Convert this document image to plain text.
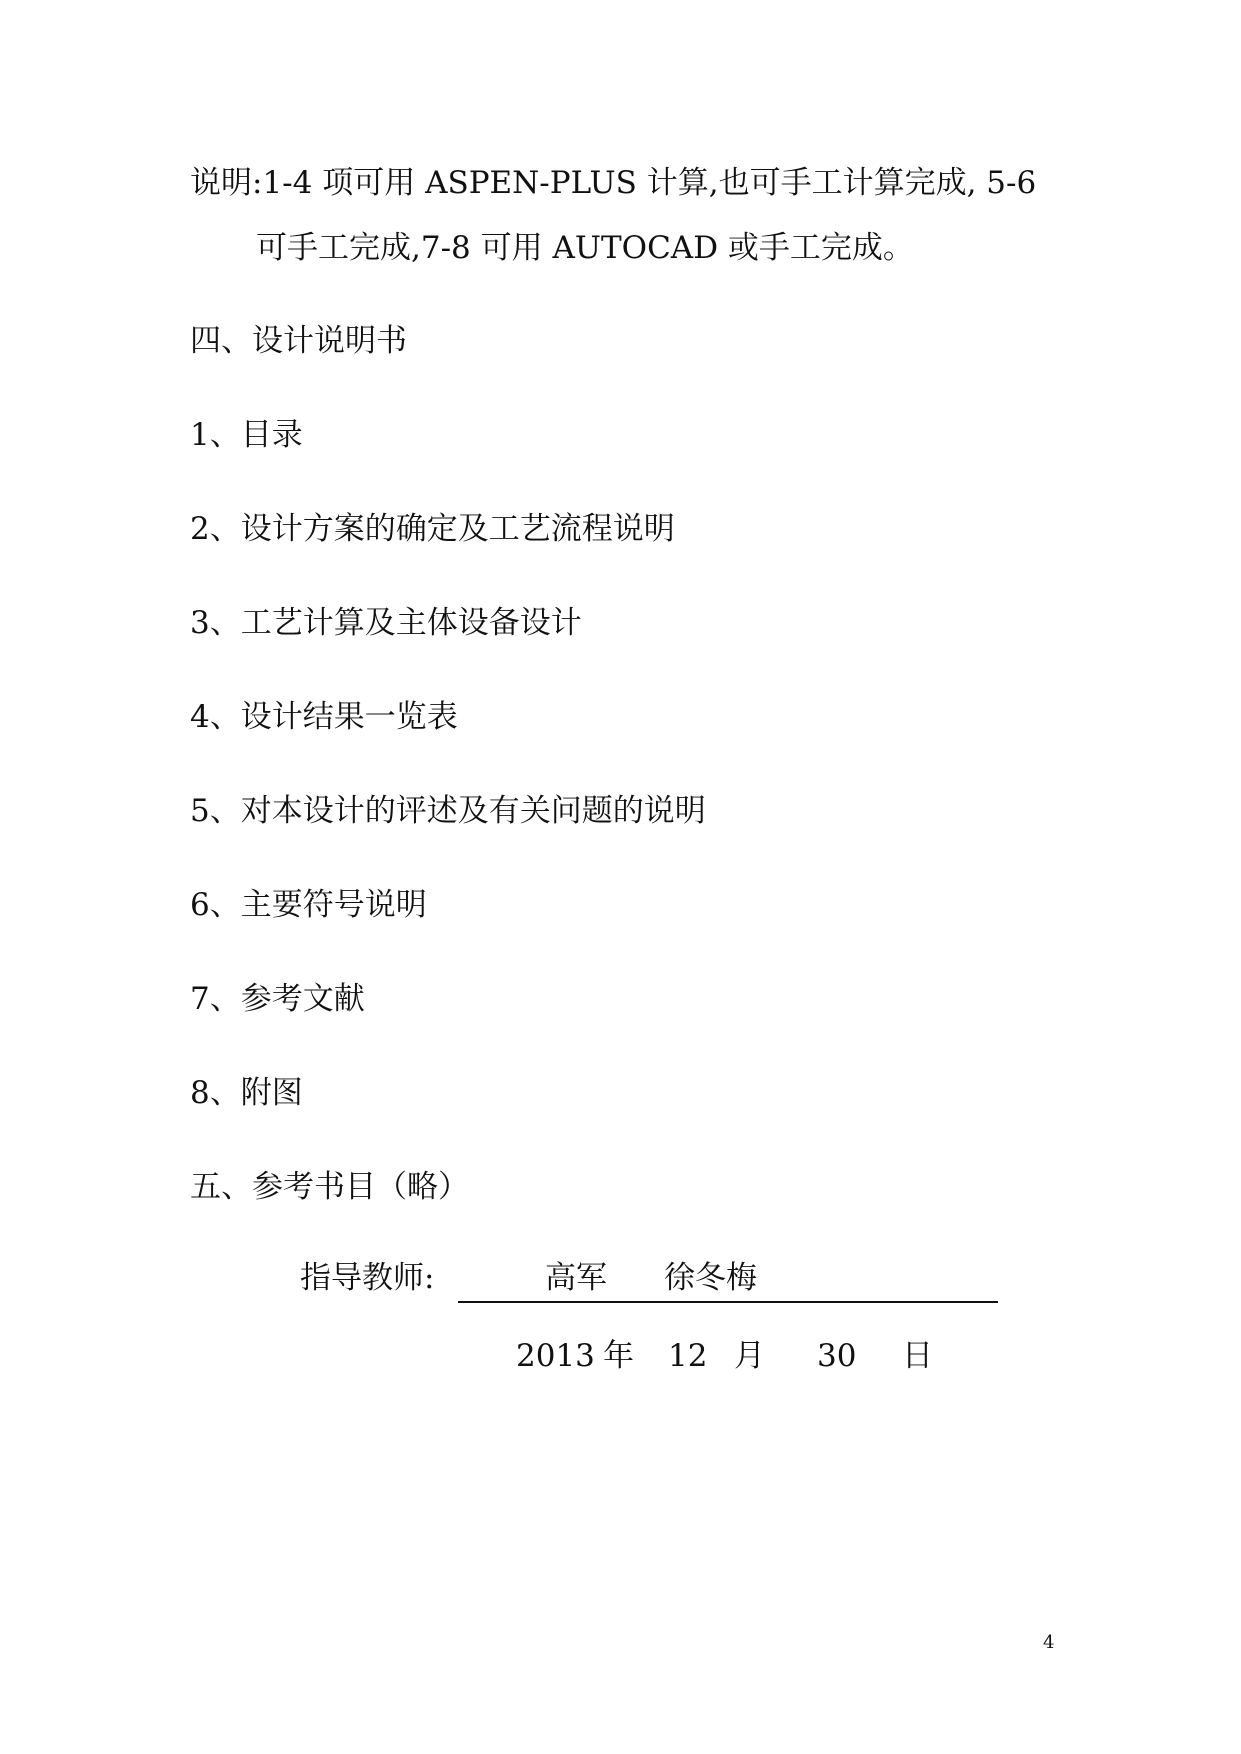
说明:1-4 项可用 ASPEN-PLUS 计算,也可手工计算完成, 5-6
可手工完成,7-8 可用 AUTOCAD 或手工完成。
四、设计说明书
1、目录
2、设计方案的确定及工艺流程说明
3、工艺计算及主体设备设计
4、设计结果一览表
5、对本设计的评述及有关问题的说明
6、主要符号说明
7、参考文献
8、附图
五、参考书目（略）
指导教师:	高军 徐冬梅
2013 年 12 月 30 日
4
